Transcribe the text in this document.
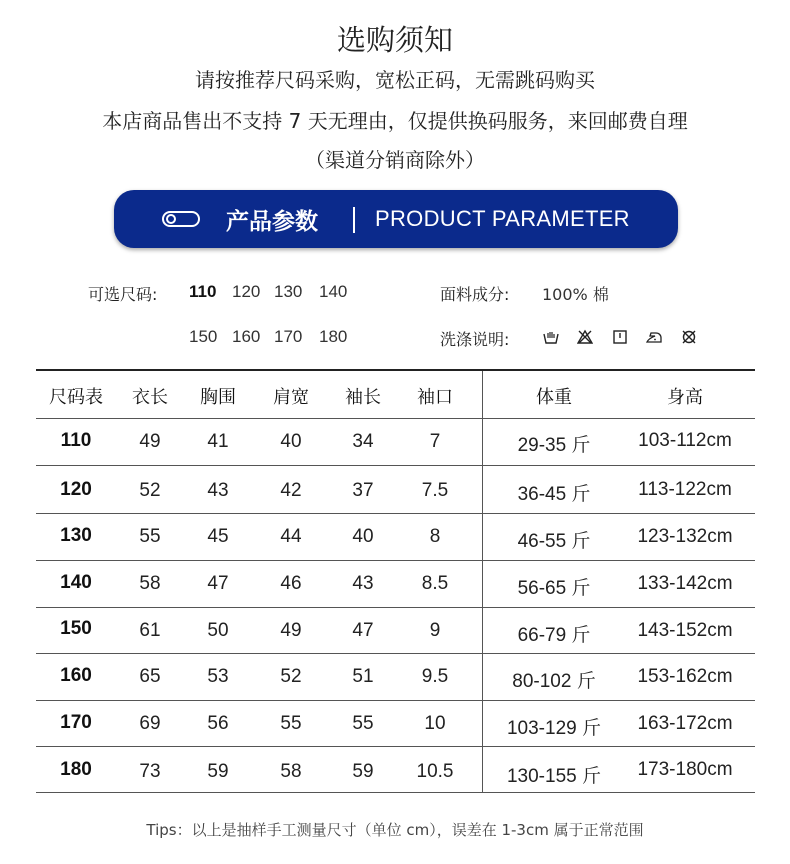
选购须知
请按推荐尺码采购，宽松正码，无需跳码购买
本店商品售出不支持 7 天无理由，仅提供换码服务，来回邮费自理
（渠道分销商除外）
产品参数	PRODUCT PARAMETER
可选尺码: 110 120 130 140
150 160 170 180
面料成分: 100% 棉
洗涤说明:
尺码表	衣长	胸围	肩宽	袖长	袖口	体重	身高
110	49	41	40	34	7	29-35 斤	103-112cm
120	52	43	42	37	7.5	36-45 斤	113-122cm
130	55	45	44	40	8	46-55 斤	123-132cm
140	58	47	46	43	8.5	56-65 斤	133-142cm
150	61	50	49	47	9	66-79 斤	143-152cm
160	65	53	52	51	9.5	80-102 斤	153-162cm
170	69	56	55	55	10	103-129 斤	163-172cm
180	73	59	58	59	10.5	130-155 斤	173-180cm
Tips：以上是抽样手工测量尺寸（单位 cm），误差在 1-3cm 属于正常范围
